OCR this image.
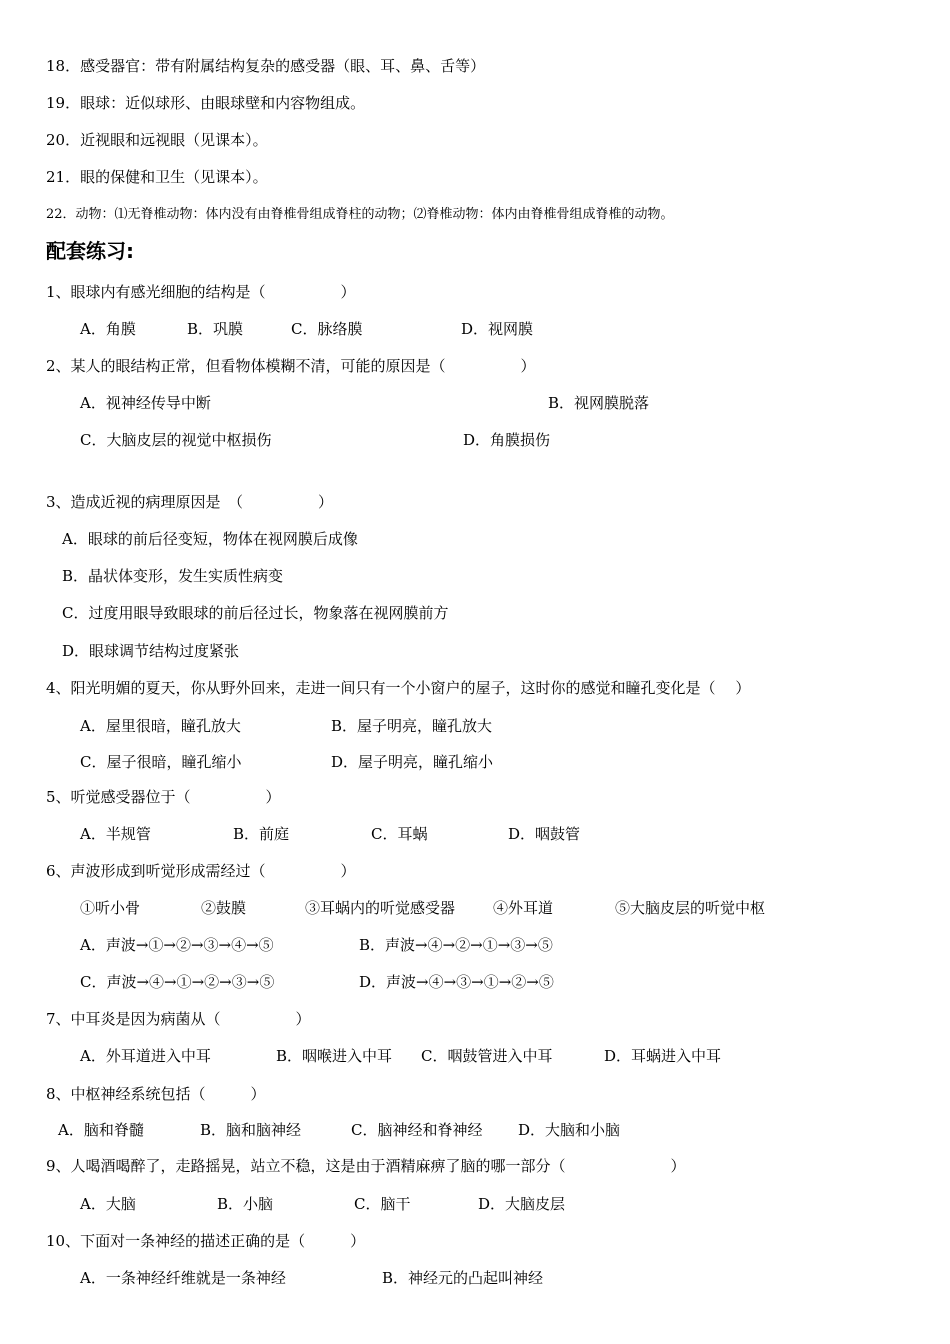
18．感受器官：带有附属结构复杂的感受器（眼、耳、鼻、舌等）
19．眼球：近似球形、由眼球壁和内容物组成。
20．近视眼和远视眼（见课本）。
21．眼的保健和卫生（见课本）。
22．动物：⑴无脊椎动物：体内没有由脊椎骨组成脊柱的动物；⑵脊椎动物：体内由脊椎骨组成脊椎的动物。
配套练习:
1、眼球内有感光细胞的结构是（　　　　　）
A．角膜	B．巩膜	C．脉络膜	D．视网膜
2、某人的眼结构正常，但看物体模糊不清，可能的原因是（　　　　　）
A．视神经传导中断	B．视网膜脱落
C．大脑皮层的视觉中枢损伤	D．角膜损伤
3、造成近视的病理原因是　（　　　　　）
A．眼球的前后径变短，物体在视网膜后成像
B．晶状体变形，发生实质性病变
C．过度用眼导致眼球的前后径过长，物象落在视网膜前方
D．眼球调节结构过度紧张
4、阳光明媚的夏天，你从野外回来，走进一间只有一个小窗户的屋子，这时你的感觉和瞳孔变化是（　 ）
A．屋里很暗，瞳孔放大	B．屋子明亮，瞳孔放大
C．屋子很暗，瞳孔缩小	D．屋子明亮，瞳孔缩小
5、听觉感受器位于（　　　　　）
A．半规管	B．前庭	C．耳蜗	D．咽鼓管
6、声波形成到听觉形成需经过（　　　　　）
①听小骨	②鼓膜	③耳蜗内的听觉感受器	④外耳道	⑤大脑皮层的听觉中枢
A．声波→①→②→③→④→⑤	B．声波→④→②→①→③→⑤
C．声波→④→①→②→③→⑤	D．声波→④→③→①→②→⑤
7、中耳炎是因为病菌从（　　　　　）
A．外耳道进入中耳	B．咽喉进入中耳 C．咽鼓管进入中耳	D．耳蜗进入中耳
8、中枢神经系统包括（　　　）
A．脑和脊髓	B．脑和脑神经	C．脑神经和脊神经 D．大脑和小脑
9、人喝酒喝醉了，走路摇晃，站立不稳，这是由于酒精麻痹了脑的哪一部分（　　　　　　　）
A．大脑	B．小脑	C．脑干	D．大脑皮层
10、下面对一条神经的描述正确的是（　　　）
A．一条神经纤维就是一条神经	B．神经元的凸起叫神经
